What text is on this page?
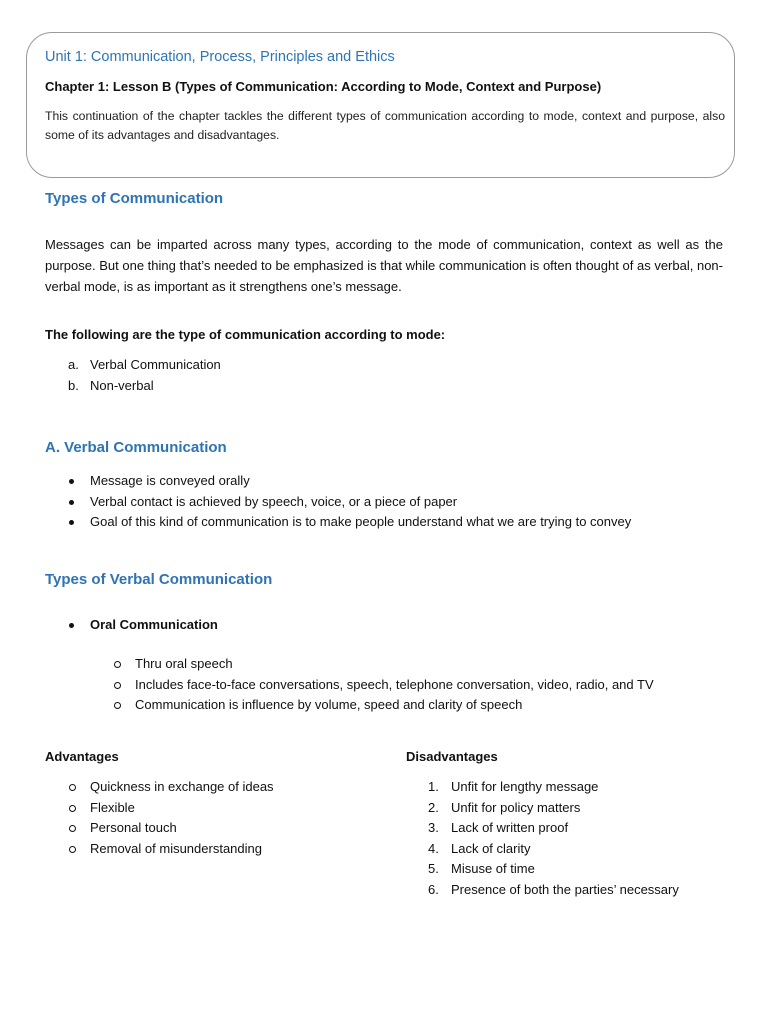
Unit 1: Communication, Process, Principles and Ethics
Chapter 1: Lesson B (Types of Communication: According to Mode, Context and Purpose)
This continuation of the chapter tackles the different types of communication according to mode, context and purpose, also some of its advantages and disadvantages.
Types of Communication
Messages can be imparted across many types, according to the mode of communication, context as well as the purpose. But one thing that’s needed to be emphasized is that while communication is often thought of as verbal, non-verbal mode, is as important as it strengthens one’s message.
The following are the type of communication according to mode:
a. Verbal Communication
b. Non-verbal
A. Verbal Communication
Message is conveyed orally
Verbal contact is achieved by speech, voice, or a piece of paper
Goal of this kind of communication is to make people understand what we are trying to convey
Types of Verbal Communication
Oral Communication
Thru oral speech
Includes face-to-face conversations, speech, telephone conversation, video, radio, and TV
Communication is influence by volume, speed and clarity of speech
Advantages
Quickness in exchange of ideas
Flexible
Personal touch
Removal of misunderstanding
Disadvantages
1. Unfit for lengthy message
2. Unfit for policy matters
3. Lack of written proof
4. Lack of clarity
5. Misuse of time
6. Presence of both the parties’ necessary
